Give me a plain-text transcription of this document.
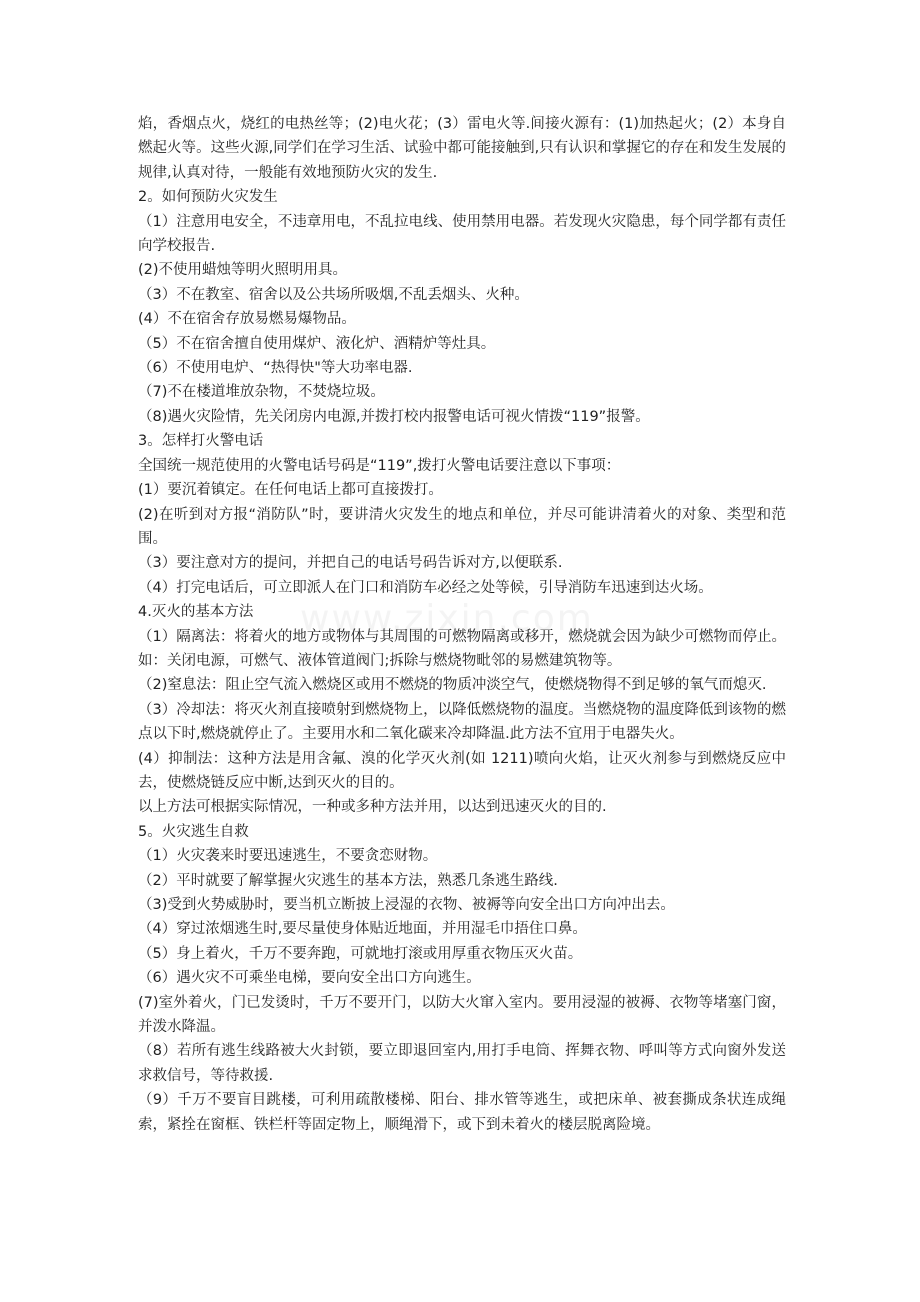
www.zixin.com

焰，香烟点火，烧红的电热丝等；(2)电火花；(3）雷电火等.间接火源有：(1)加热起火；(2）本身自燃起火等。这些火源,同学们在学习生活、试验中都可能接触到,只有认识和掌握它的存在和发生发展的规律,认真对待，一般能有效地预防火灾的发生.

2。如何预防火灾发生

（1）注意用电安全，不违章用电，不乱拉电线、使用禁用电器。若发现火灾隐患，每个同学都有责任向学校报告.

(2)不使用蜡烛等明火照明用具。

（3）不在教室、宿舍以及公共场所吸烟,不乱丢烟头、火种。

(4）不在宿舍存放易燃易爆物品。

（5）不在宿舍擅自使用煤炉、液化炉、酒精炉等灶具。

（6）不使用电炉、“热得快"等大功率电器.

（7)不在楼道堆放杂物，不焚烧垃圾。

（8)遇火灾险情，先关闭房内电源,并拨打校内报警电话可视火情拨“119”报警。

3。怎样打火警电话

全国统一规范使用的火警电话号码是“119”,拨打火警电话要注意以下事项：

(1）要沉着镇定。在任何电话上都可直接拨打。

(2)在听到对方报“消防队”时，要讲清火灾发生的地点和单位，并尽可能讲清着火的对象、类型和范围。

（3）要注意对方的提问，并把自己的电话号码告诉对方,以便联系.

（4）打完电话后，可立即派人在门口和消防车必经之处等候，引导消防车迅速到达火场。

4.灭火的基本方法

（1）隔离法：将着火的地方或物体与其周围的可燃物隔离或移开，燃烧就会因为缺少可燃物而停止。如：关闭电源，可燃气、液体管道阀门;拆除与燃烧物毗邻的易燃建筑物等。

（2)窒息法：阻止空气流入燃烧区或用不燃烧的物质冲淡空气，使燃烧物得不到足够的氧气而熄灭.

（3）冷却法：将灭火剂直接喷射到燃烧物上，以降低燃烧物的温度。当燃烧物的温度降低到该物的燃点以下时,燃烧就停止了。主要用水和二氧化碳来冷却降温.此方法不宜用于电器失火。

(4）抑制法：这种方法是用含氟、溴的化学灭火剂(如 1211)喷向火焰，让灭火剂参与到燃烧反应中去，使燃烧链反应中断,达到灭火的目的。

以上方法可根据实际情况，一种或多种方法并用，以达到迅速灭火的目的.

5。火灾逃生自救

（1）火灾袭来时要迅速逃生，不要贪恋财物。

（2）平时就要了解掌握火灾逃生的基本方法，熟悉几条逃生路线.

（3)受到火势威胁时，要当机立断披上浸湿的衣物、被褥等向安全出口方向冲出去。

（4）穿过浓烟逃生时,要尽量使身体贴近地面，并用湿毛巾捂住口鼻。

（5）身上着火，千万不要奔跑，可就地打滚或用厚重衣物压灭火苗。

（6）遇火灾不可乘坐电梯，要向安全出口方向逃生。

(7)室外着火，门已发烫时，千万不要开门，以防大火窜入室内。要用浸湿的被褥、衣物等堵塞门窗，并泼水降温。

（8）若所有逃生线路被大火封锁，要立即退回室内,用打手电筒、挥舞衣物、呼叫等方式向窗外发送求救信号，等待救援.

（9）千万不要盲目跳楼，可利用疏散楼梯、阳台、排水管等逃生，或把床单、被套撕成条状连成绳索，紧拴在窗框、铁栏杆等固定物上，顺绳滑下，或下到未着火的楼层脱离险境。
